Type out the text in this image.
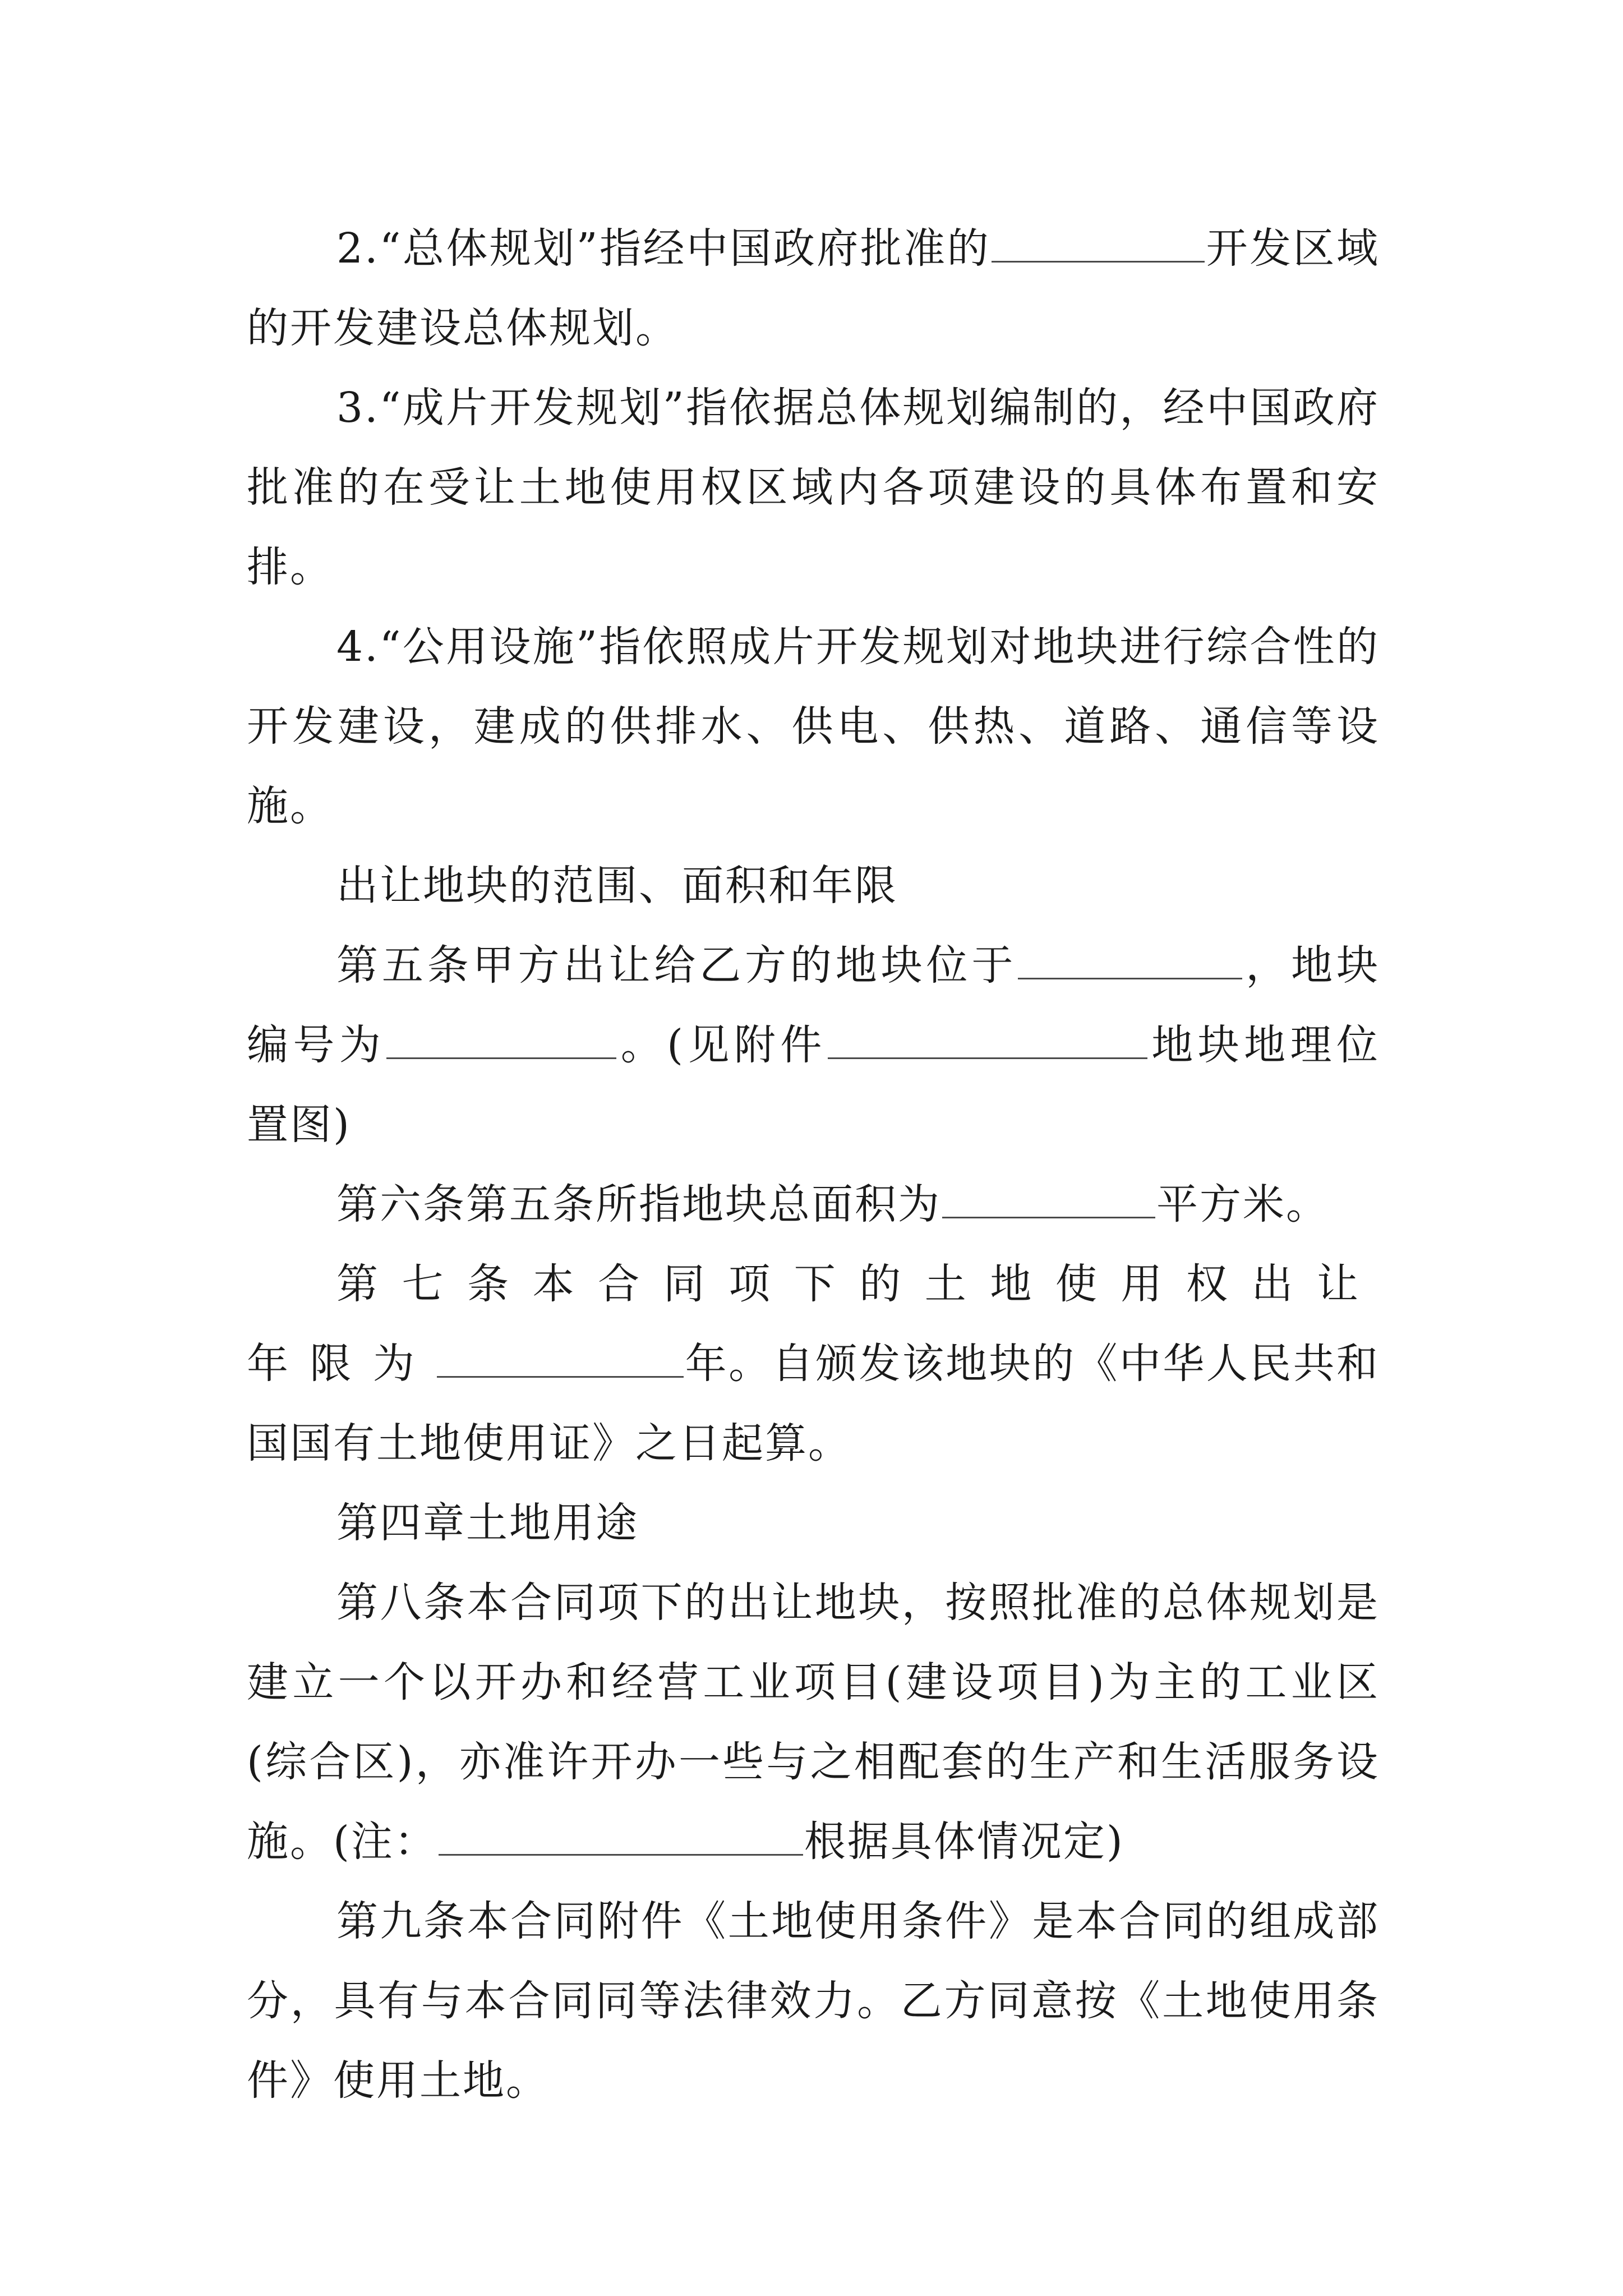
2.“总体规划”指经中国政府批准的	开发区域的开发建设总体规划。

3.“成片开发规划”指依据总体规划编制的，经中国政府批准的在受让土地使用权区域内各项建设的具体布置和安排。

4.“公用设施”指依照成片开发规划对地块进行综合性的开发建设，建成的供排水、供电、供热、道路、通信等设施。

出让地块的范围、面积和年限

第五条甲方出让给乙方的地块位于	，地块编号为	。(见附件	地块地理位置图)

第六条第五条所指地块总面积为	平方米。

第七条本合同项下的土地使用权出让年限为	年。自颁发该地块的《中华人民共和国国有土地使用证》之日起算。

第四章土地用途

第八条本合同项下的出让地块，按照批准的总体规划是建立一个以开办和经营工业项目(建设项目)为主的工业区(综合区)，亦准许开办一些与之相配套的生产和生活服务设施。(注：	根据具体情况定)

第九条本合同附件《土地使用条件》是本合同的组成部分，具有与本合同同等法律效力。乙方同意按《土地使用条件》使用土地。
